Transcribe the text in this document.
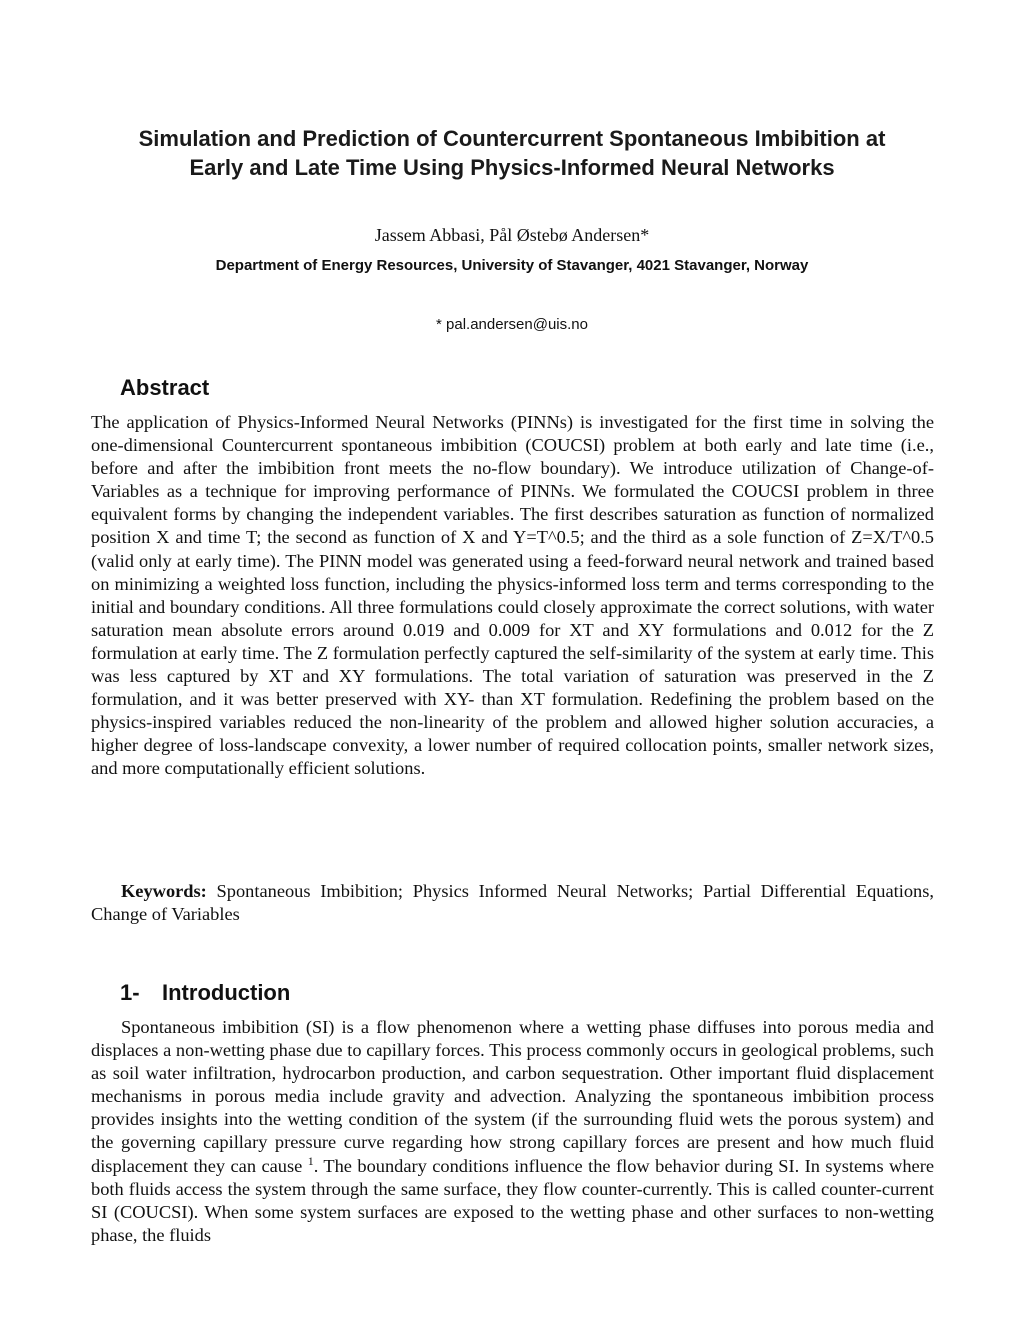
Simulation and Prediction of Countercurrent Spontaneous Imbibition at
Early and Late Time Using Physics-Informed Neural Networks
Jassem Abbasi, Pål Østebø Andersen*
Department of Energy Resources, University of Stavanger, 4021 Stavanger, Norway
* pal.andersen@uis.no
Abstract

The application of Physics-Informed Neural Networks (PINNs) is investigated for the first time in solving the one-dimensional Countercurrent spontaneous imbibition (COUCSI) problem at both early and late time (i.e., before and after the imbibition front meets the no-flow boundary). We introduce utilization of Change-of-Variables as a technique for improving performance of PINNs. We formulated the COUCSI problem in three equivalent forms by changing the independent variables. The first describes saturation as function of normalized position X and time T; the second as function of X and Y=T^0.5; and the third as a sole function of Z=X/T^0.5 (valid only at early time). The PINN model was generated using a feed-forward neural network and trained based on minimizing a weighted loss function, including the physics-informed loss term and terms corresponding to the initial and boundary conditions. All three formulations could closely approximate the correct solutions, with water saturation mean absolute errors around 0.019 and 0.009 for XT and XY formulations and 0.012 for the Z formulation at early time. The Z formulation perfectly captured the self-similarity of the system at early time. This was less captured by XT and XY formulations. The total variation of saturation was preserved in the Z formulation, and it was better preserved with XY- than XT formulation. Redefining the problem based on the physics-inspired variables reduced the non-linearity of the problem and allowed higher solution accuracies, a higher degree of loss-landscape convexity, a lower number of required collocation points, smaller network sizes, and more computationally efficient solutions.

Keywords: Spontaneous Imbibition; Physics Informed Neural Networks; Partial Differential Equations, Change of Variables

1- Introduction

Spontaneous imbibition (SI) is a flow phenomenon where a wetting phase diffuses into porous media and displaces a non-wetting phase due to capillary forces. This process commonly occurs in geological problems, such as soil water infiltration, hydrocarbon production, and carbon sequestration. Other important fluid displacement mechanisms in porous media include gravity and advection. Analyzing the spontaneous imbibition process provides insights into the wetting condition of the system (if the surrounding fluid wets the porous system) and the governing capillary pressure curve regarding how strong capillary forces are present and how much fluid displacement they can cause $^1$. The boundary conditions influence the flow behavior during SI. In systems where both fluids access the system through the same surface, they flow counter-currently. This is called counter-current SI (COUCSI). When some system surfaces are exposed to the wetting phase and other surfaces to non-wetting phase, the fluids
